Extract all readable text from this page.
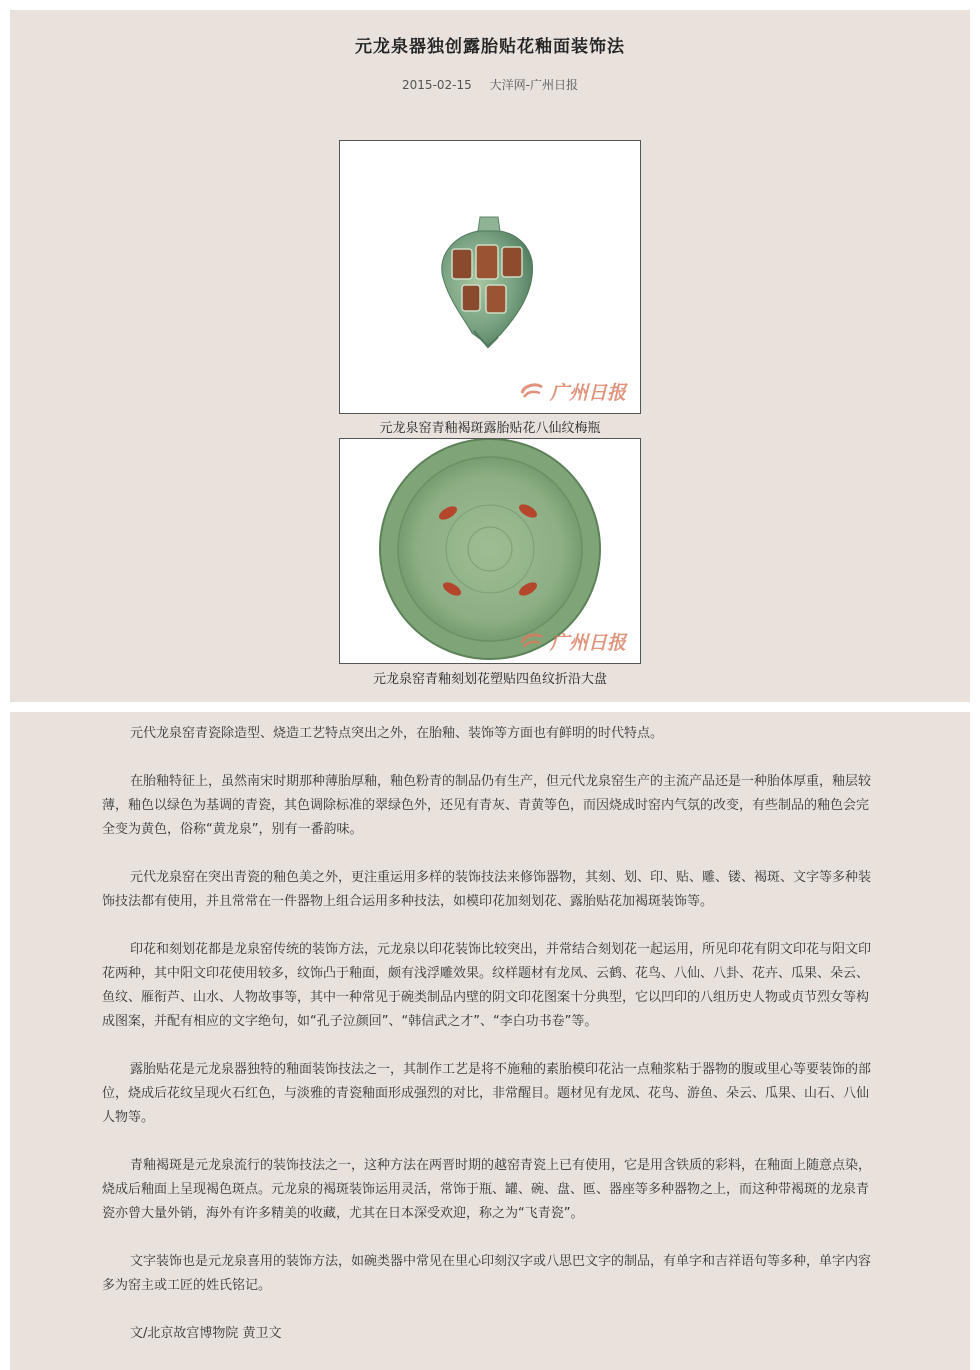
元龙泉器独创露胎贴花釉面装饰法
2015-02-15 大洋网-广州日报
广州日报
元龙泉窑青釉褐斑露胎贴花八仙纹梅瓶
广州日报
元龙泉窑青釉刻划花塑贴四鱼纹折沿大盘

元代龙泉窑青瓷除造型、烧造工艺特点突出之外，在胎釉、装饰等方面也有鲜明的时代特点。

在胎釉特征上，虽然南宋时期那种薄胎厚釉，釉色粉青的制品仍有生产，但元代龙泉窑生产的主流产品还是一种胎体厚重，釉层较薄，釉色以绿色为基调的青瓷，其色调除标准的翠绿色外，还见有青灰、青黄等色，而因烧成时窑内气氛的改变，有些制品的釉色会完全变为黄色，俗称“黄龙泉”，别有一番韵味。

元代龙泉窑在突出青瓷的釉色美之外，更注重运用多样的装饰技法来修饰器物，其刻、划、印、贴、雕、镂、褐斑、文字等多种装饰技法都有使用，并且常常在一件器物上组合运用多种技法，如模印花加刻划花、露胎贴花加褐斑装饰等。

印花和刻划花都是龙泉窑传统的装饰方法，元龙泉以印花装饰比较突出，并常结合刻划花一起运用，所见印花有阴文印花与阳文印花两种，其中阳文印花使用较多，纹饰凸于釉面，颇有浅浮雕效果。纹样题材有龙凤、云鹤、花鸟、八仙、八卦、花卉、瓜果、朵云、鱼纹、雁衔芦、山水、人物故事等，其中一种常见于碗类制品内壁的阴文印花图案十分典型，它以凹印的八组历史人物或贞节烈女等构成图案，并配有相应的文字绝句，如“孔子泣颜回”、“韩信武之才”、“李白功书卷”等。

露胎贴花是元龙泉器独特的釉面装饰技法之一，其制作工艺是将不施釉的素胎模印花沾一点釉浆粘于器物的腹或里心等要装饰的部位，烧成后花纹呈现火石红色，与淡雅的青瓷釉面形成强烈的对比，非常醒目。题材见有龙凤、花鸟、游鱼、朵云、瓜果、山石、八仙人物等。

青釉褐斑是元龙泉流行的装饰技法之一，这种方法在两晋时期的越窑青瓷上已有使用，它是用含铁质的彩料，在釉面上随意点染，烧成后釉面上呈现褐色斑点。元龙泉的褐斑装饰运用灵活，常饰于瓶、罐、碗、盘、匜、器座等多种器物之上，而这种带褐斑的龙泉青瓷亦曾大量外销，海外有许多精美的收藏，尤其在日本深受欢迎，称之为“飞青瓷”。

文字装饰也是元龙泉喜用的装饰方法，如碗类器中常见在里心印刻汉字或八思巴文字的制品，有单字和吉祥语句等多种，单字内容多为窑主或工匠的姓氏铭记。

文/北京故宫博物院 黄卫文
